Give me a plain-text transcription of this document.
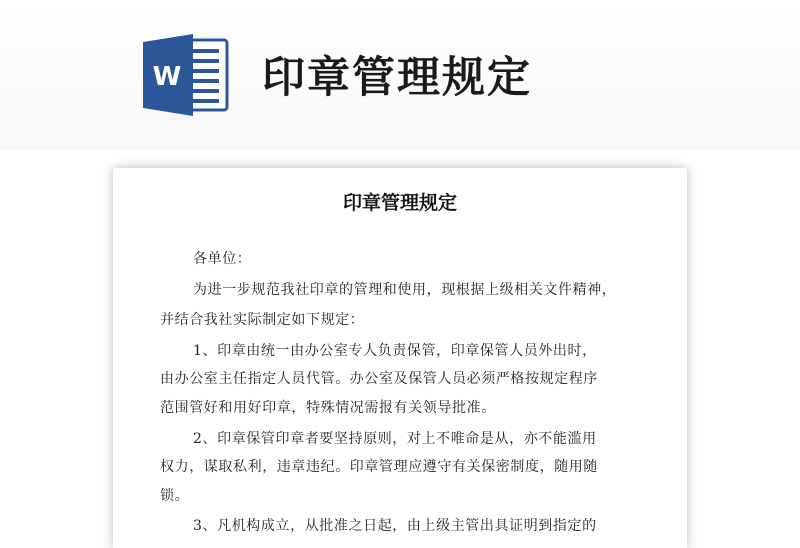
W 印章管理规定
印章管理规定
各单位：
为进一步规范我社印章的管理和使用，现根据上级相关文件精神，
并结合我社实际制定如下规定：
1、印章由统一由办公室专人负责保管，印章保管人员外出时，
由办公室主任指定人员代管。办公室及保管人员必须严格按规定程序
范围管好和用好印章，特殊情况需报有关领导批准。
2、印章保管印章者要坚持原则，对上不唯命是从，亦不能滥用
权力，谋取私利，违章违纪。印章管理应遵守有关保密制度，随用随
锁。
3、凡机构成立，从批准之日起，由上级主管出具证明到指定的
